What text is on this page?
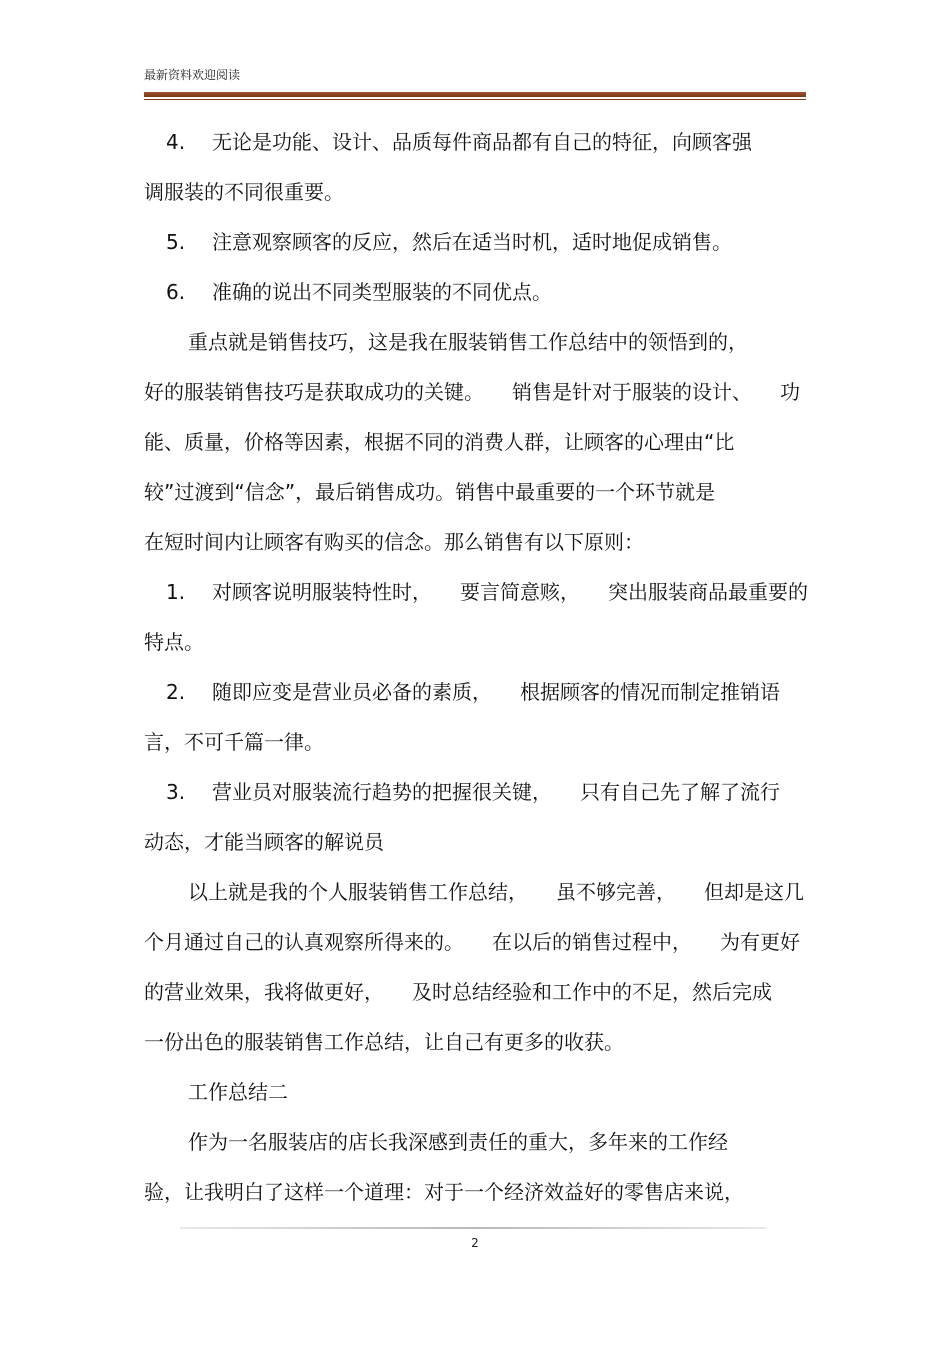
最新资料欢迎阅读
4. 无论是功能、设计、品质每件商品都有自己的特征，向顾客强
调服装的不同很重要。
5. 注意观察顾客的反应，然后在适当时机，适时地促成销售。
6. 准确的说出不同类型服装的不同优点。
重点就是销售技巧，这是我在服装销售工作总结中的领悟到的，
好的服装销售技巧是获取成功的关键。 销售是针对于服装的设计、 功
能、质量，价格等因素，根据不同的消费人群，让顾客的心理由“比
较”过渡到“信念”，最后销售成功。销售中最重要的一个环节就是
在短时间内让顾客有购买的信念。那么销售有以下原则：
1. 对顾客说明服装特性时， 要言简意赅， 突出服装商品最重要的
特点。
2. 随即应变是营业员必备的素质， 根据顾客的情况而制定推销语
言，不可千篇一律。
3. 营业员对服装流行趋势的把握很关键， 只有自己先了解了流行
动态，才能当顾客的解说员
以上就是我的个人服装销售工作总结， 虽不够完善， 但却是这几
个月通过自己的认真观察所得来的。 在以后的销售过程中， 为有更好
的营业效果，我将做更好， 及时总结经验和工作中的不足，然后完成
一份出色的服装销售工作总结，让自己有更多的收获。
工作总结二
作为一名服装店的店长我深感到责任的重大，多年来的工作经
验，让我明白了这样一个道理：对于一个经济效益好的零售店来说，
2
